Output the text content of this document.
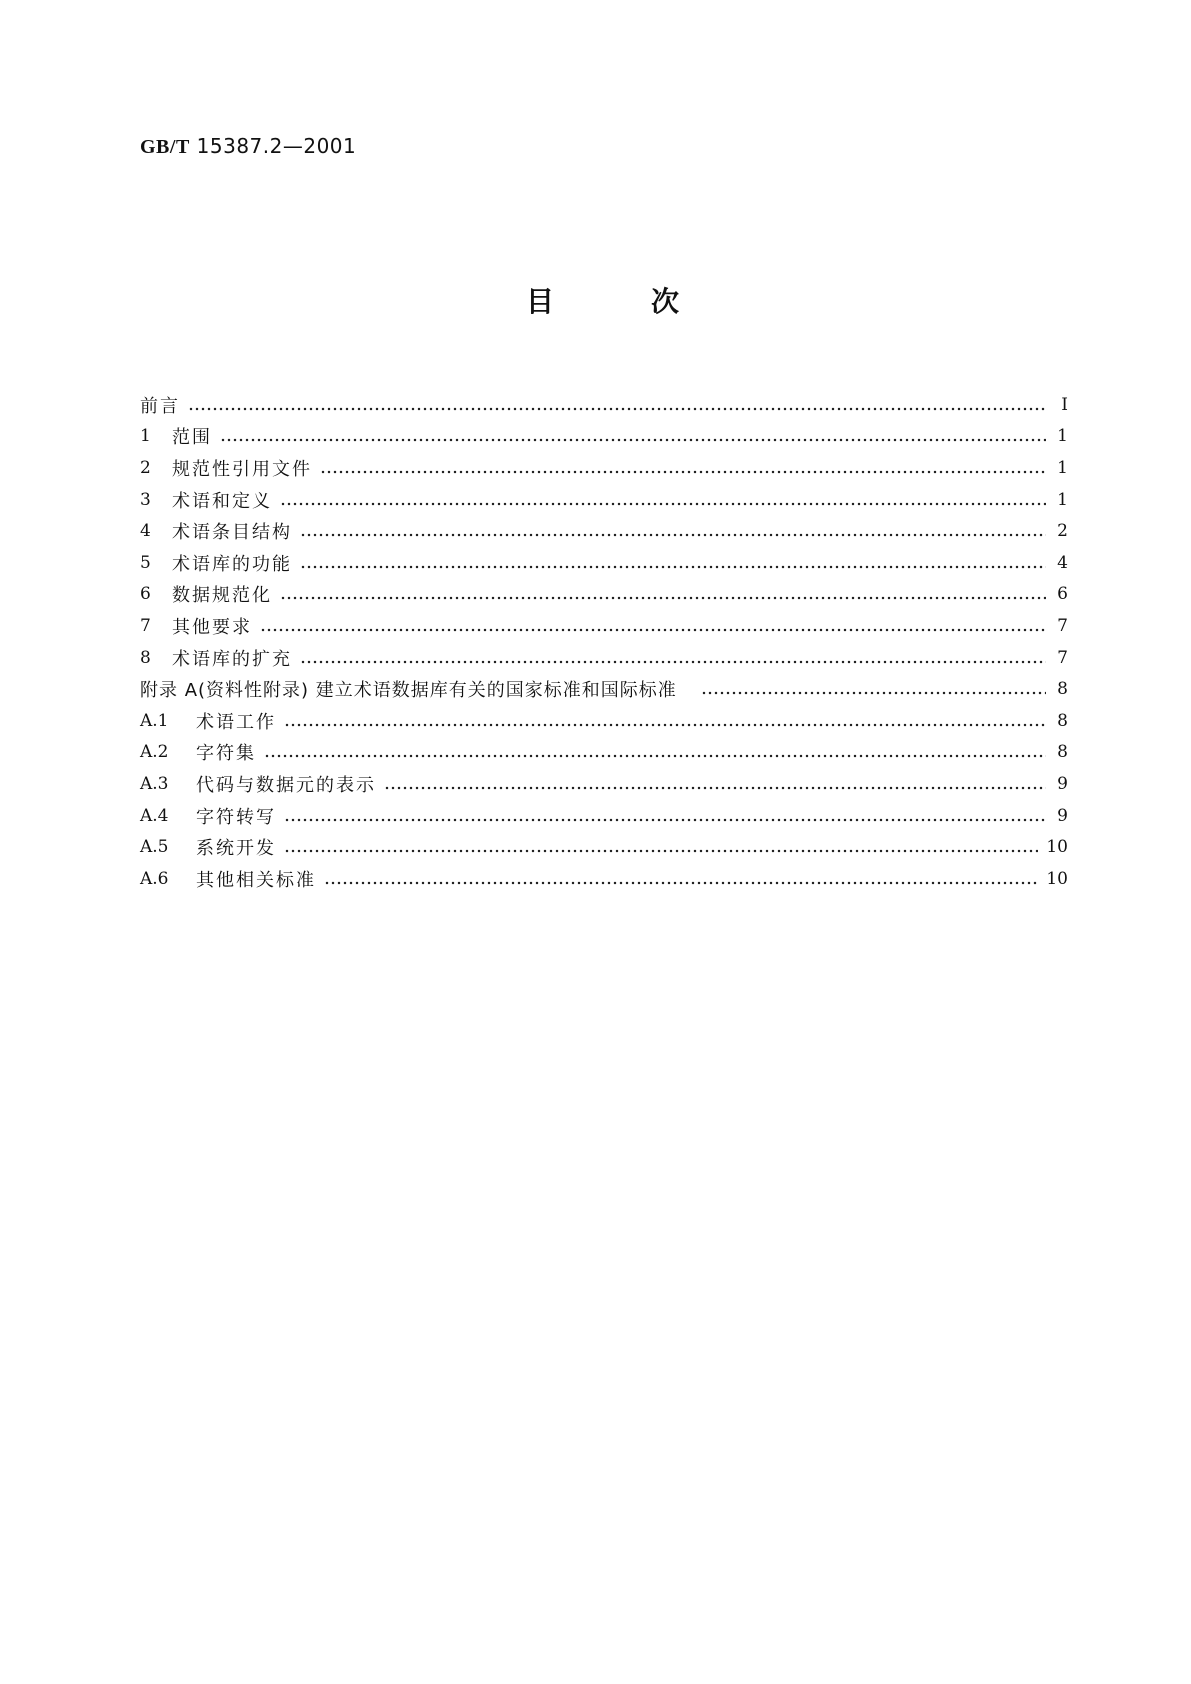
GB/T 15387.2—2001
目	次
前言	I
1	范围	1
2	规范性引用文件	1
3	术语和定义	1
4	术语条目结构	2
5	术语库的功能	4
6	数据规范化	6
7	其他要求	7
8	术语库的扩充	7
附录 A(资料性附录) 建立术语数据库有关的国家标准和国际标准	8
A.1	术语工作	8
A.2	字符集	8
A.3	代码与数据元的表示	9
A.4	字符转写	9
A.5	系统开发	10
A.6	其他相关标准	10
